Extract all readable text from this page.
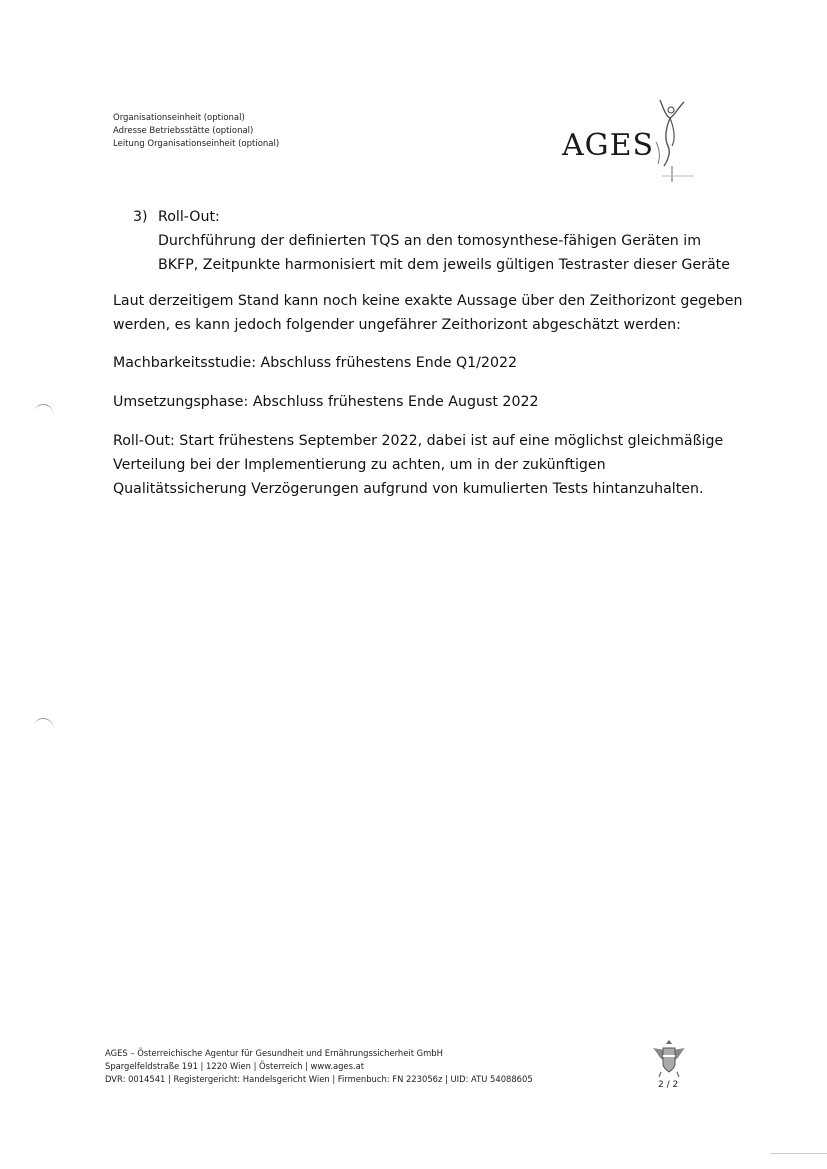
Organisationseinheit (optional)
Adresse Betriebsstätte (optional)
Leitung Organisationseinheit (optional)	AGES
3) Roll-Out:
Durchführung der definierten TQS an den tomosynthese-fähigen Geräten im
BKFP, Zeitpunkte harmonisiert mit dem jeweils gültigen Testraster dieser Geräte
Laut derzeitigem Stand kann noch keine exakte Aussage über den Zeithorizont gegeben
werden, es kann jedoch folgender ungefährer Zeithorizont abgeschätzt werden:
Machbarkeitsstudie: Abschluss frühestens Ende Q1/2022
Umsetzungsphase: Abschluss frühestens Ende August 2022
Roll-Out: Start frühestens September 2022, dabei ist auf eine möglichst gleichmäßige
Verteilung bei der Implementierung zu achten, um in der zukünftigen
Qualitätssicherung Verzögerungen aufgrund von kumulierten Tests hintanzuhalten.
AGES – Österreichische Agentur für Gesundheit und Ernährungssicherheit GmbH
Spargelfeldstraße 191 | 1220 Wien | Österreich | www.ages.at
DVR: 0014541 | Registergericht: Handelsgericht Wien | Firmenbuch: FN 223056z | UID: ATU 54088605
2 / 2
